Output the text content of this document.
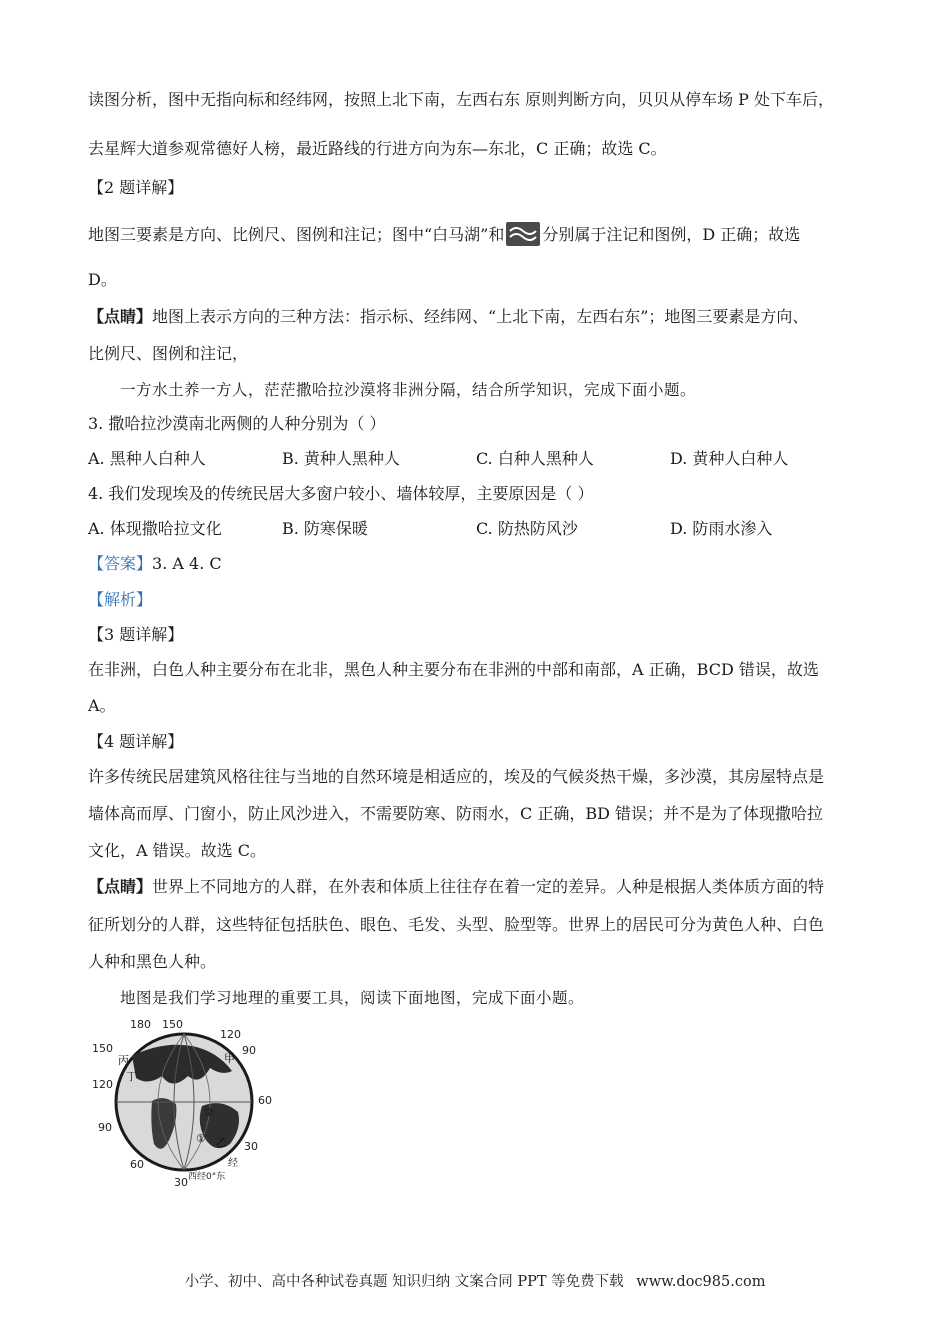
读图分析，图中无指向标和经纬网，按照上北下南，左西右东 原则判断方向，贝贝从停车场 P 处下车后，
去星辉大道参观常德好人榜，最近路线的行进方向为东—东北，C 正确；故选 C。
【2 题详解】
地图三要素是方向、比例尺、图例和注记；图中“白马湖”和 分别属于注记和图例，D 正确；故选
D。
【点睛】地图上表示方向的三种方法：指示标、经纬网、“上北下南，左西右东”；地图三要素是方向、
比例尺、图例和注记，
一方水土养一方人，茫茫撒哈拉沙漠将非洲分隔，结合所学知识，完成下面小题。
3. 撒哈拉沙漠南北两侧的人种分别为（ ）
A. 黑种人白种人	B. 黄种人黑种人	C. 白种人黑种人	D. 黄种人白种人
4. 我们发现埃及的传统民居大多窗户较小、墙体较厚，主要原因是（ ）
A. 体现撒哈拉文化	B. 防寒保暖	C. 防热防风沙	D. 防雨水渗入
【答案】3. A 4. C
【解析】
【3 题详解】
在非洲，白色人种主要分布在北非，黑色人种主要分布在非洲的中部和南部，A 正确，BCD 错误，故选
A。
【4 题详解】
许多传统民居建筑风格往往与当地的自然环境是相适应的，埃及的气候炎热干燥，多沙漠，其房屋特点是
墙体高而厚、门窗小，防止风沙进入，不需要防寒、防雨水，C 正确，BD 错误；并不是为了体现撒哈拉
文化，A 错误。故选 C。
【点睛】世界上不同地方的人群，在外表和体质上往往存在着一定的差异。人种是根据人类体质方面的特
征所划分的人群，这些特征包括肤色、眼色、毛发、头型、脸型等。世界上的居民可分为黄色人种、白色
人种和黑色人种。
地图是我们学习地理的重要工具，阅读下面地图，完成下面小题。
180 150
120
90
150
120
90
60
60
30
30 西经0°东
经
甲
丙
丁
乙
①
②
小学、初中、高中各种试卷真题 知识归纳 文案合同 PPT 等免费下载 www.doc985.com
